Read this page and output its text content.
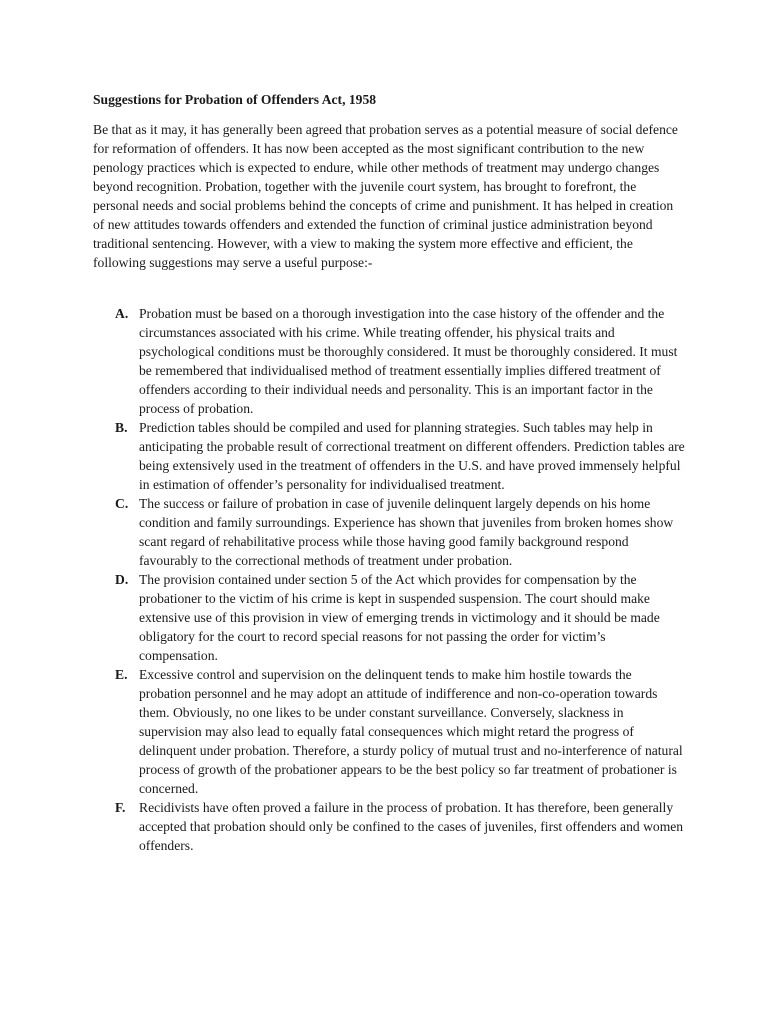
Suggestions for Probation of Offenders Act, 1958

Be that as it may, it has generally been agreed that probation serves as a potential measure of social defence for reformation of offenders. It has now been accepted as the most significant contribution to the new penology practices which is expected to endure, while other methods of treatment may undergo changes beyond recognition. Probation, together with the juvenile court system, has brought to forefront, the personal needs and social problems behind the concepts of crime and punishment. It has helped in creation of new attitudes towards offenders and extended the function of criminal justice administration beyond traditional sentencing. However, with a view to making the system more effective and efficient, the following suggestions may serve a useful purpose:-

A. Probation must be based on a thorough investigation into the case history of the offender and the circumstances associated with his crime. While treating offender, his physical traits and psychological conditions must be thoroughly considered. It must be thoroughly considered. It must be remembered that individualised method of treatment essentially implies differed treatment of offenders according to their individual needs and personality. This is an important factor in the process of probation.
B. Prediction tables should be compiled and used for planning strategies. Such tables may help in anticipating the probable result of correctional treatment on different offenders. Prediction tables are being extensively used in the treatment of offenders in the U.S. and have proved immensely helpful in estimation of offender’s personality for individualised treatment.
C. The success or failure of probation in case of juvenile delinquent largely depends on his home condition and family surroundings. Experience has shown that juveniles from broken homes show scant regard of rehabilitative process while those having good family background respond favourably to the correctional methods of treatment under probation.
D. The provision contained under section 5 of the Act which provides for compensation by the probationer to the victim of his crime is kept in suspended suspension. The court should make extensive use of this provision in view of emerging trends in victimology and it should be made obligatory for the court to record special reasons for not passing the order for victim’s compensation.
E. Excessive control and supervision on the delinquent tends to make him hostile towards the probation personnel and he may adopt an attitude of indifference and non-co-operation towards them. Obviously, no one likes to be under constant surveillance. Conversely, slackness in supervision may also lead to equally fatal consequences which might retard the progress of delinquent under probation. Therefore, a sturdy policy of mutual trust and no-interference of natural process of growth of the probationer appears to be the best policy so far treatment of probationer is concerned.
F. Recidivists have often proved a failure in the process of probation. It has therefore, been generally accepted that probation should only be confined to the cases of juveniles, first offenders and women offenders.
